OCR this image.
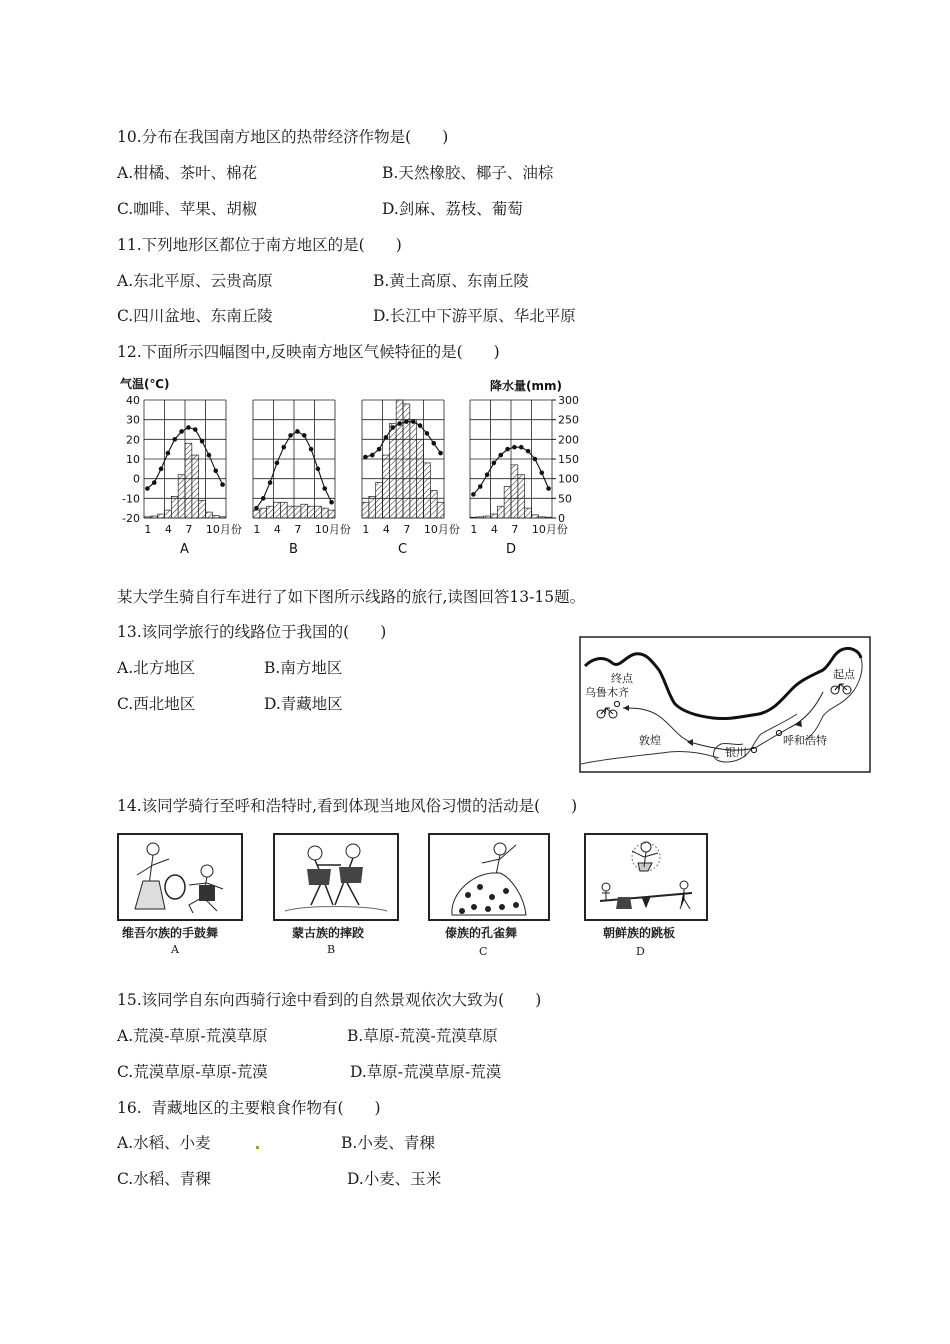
10.分布在我国南方地区的热带经济作物是(　　)
A.柑橘、茶叶、棉花	B.天然橡胶、椰子、油棕
C.咖啡、苹果、胡椒	D.剑麻、荔枝、葡萄
11.下列地形区都位于南方地区的是(　　)
A.东北平原、云贵高原	B.黄土高原、东南丘陵
C.四川盆地、东南丘陵	D.长江中下游平原、华北平原
12.下面所示四幅图中,反映南方地区气候特征的是(　　)
气温(℃)	降水量(mm)
40
30
20
10
0
-10
-20
300
250
200
150
100
50
0
1 4 7 10月份
A
1 4 7 10月份
B
1 4 7 10月份
C
1 4 7 10月份
D
某大学生骑自行车进行了如下图所示线路的旅行,读图回答13-15题。
13.该同学旅行的线路位于我国的(　　)
A.北方地区	B.南方地区
C.西北地区	D.青藏地区
终点
乌鲁木齐
起点
敦煌
银川
呼和浩特
14.该同学骑行至呼和浩特时,看到体现当地风俗习惯的活动是(　　)
维吾尔族的手鼓舞
A
蒙古族的摔跤
B
傣族的孔雀舞
C
朝鲜族的跳板
D
15.该同学自东向西骑行途中看到的自然景观依次大致为(　　)
A.荒漠-草原-荒漠草原	B.草原-荒漠-荒漠草原
C.荒漠草原-草原-荒漠	D.草原-荒漠草原-荒漠
16.  青藏地区的主要粮食作物有(　　)
A.水稻、小麦	B.小麦、青稞
C.水稻、青稞	D.小麦、玉米
